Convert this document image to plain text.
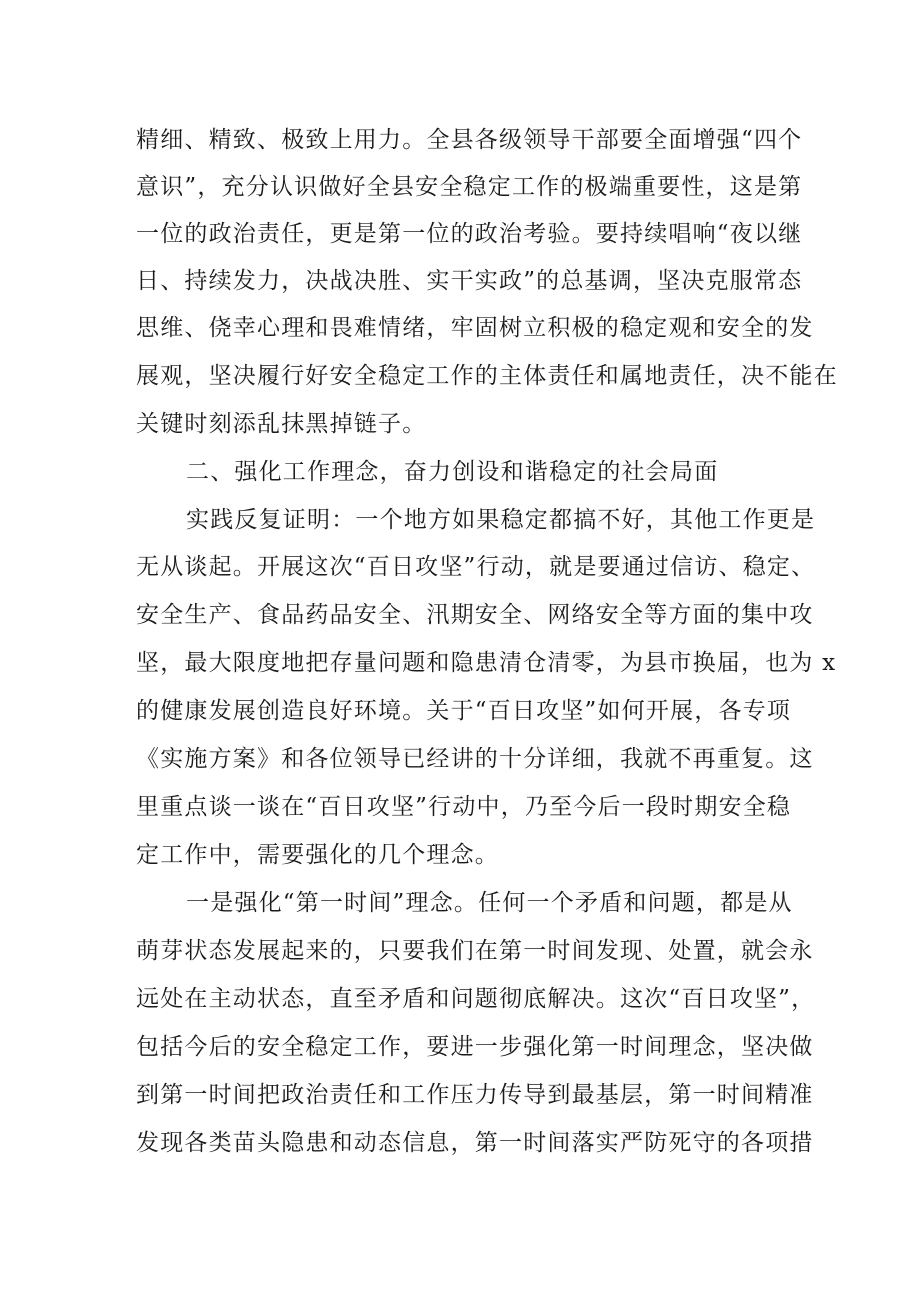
精细、精致、极致上用力。全县各级领导干部要全面增强“四个
意识”，充分认识做好全县安全稳定工作的极端重要性，这是第
一位的政治责任，更是第一位的政治考验。要持续唱响“夜以继
日、持续发力，决战决胜、实干实政”的总基调，坚决克服常态
思维、侥幸心理和畏难情绪，牢固树立积极的稳定观和安全的发
展观，坚决履行好安全稳定工作的主体责任和属地责任，决不能在
关键时刻添乱抹黑掉链子。
二、强化工作理念，奋力创设和谐稳定的社会局面
实践反复证明：一个地方如果稳定都搞不好，其他工作更是
无从谈起。开展这次“百日攻坚”行动，就是要通过信访、稳定、
安全生产、食品药品安全、汛期安全、网络安全等方面的集中攻
坚，最大限度地把存量问题和隐患清仓清零，为县市换届，也为 x
的健康发展创造良好环境。关于“百日攻坚”如何开展，各专项
《实施方案》和各位领导已经讲的十分详细，我就不再重复。这
里重点谈一谈在“百日攻坚”行动中，乃至今后一段时期安全稳
定工作中，需要强化的几个理念。
一是强化“第一时间”理念。任何一个矛盾和问题，都是从
萌芽状态发展起来的，只要我们在第一时间发现、处置，就会永
远处在主动状态，直至矛盾和问题彻底解决。这次“百日攻坚”，
包括今后的安全稳定工作，要进一步强化第一时间理念，坚决做
到第一时间把政治责任和工作压力传导到最基层，第一时间精准
发现各类苗头隐患和动态信息，第一时间落实严防死守的各项措
